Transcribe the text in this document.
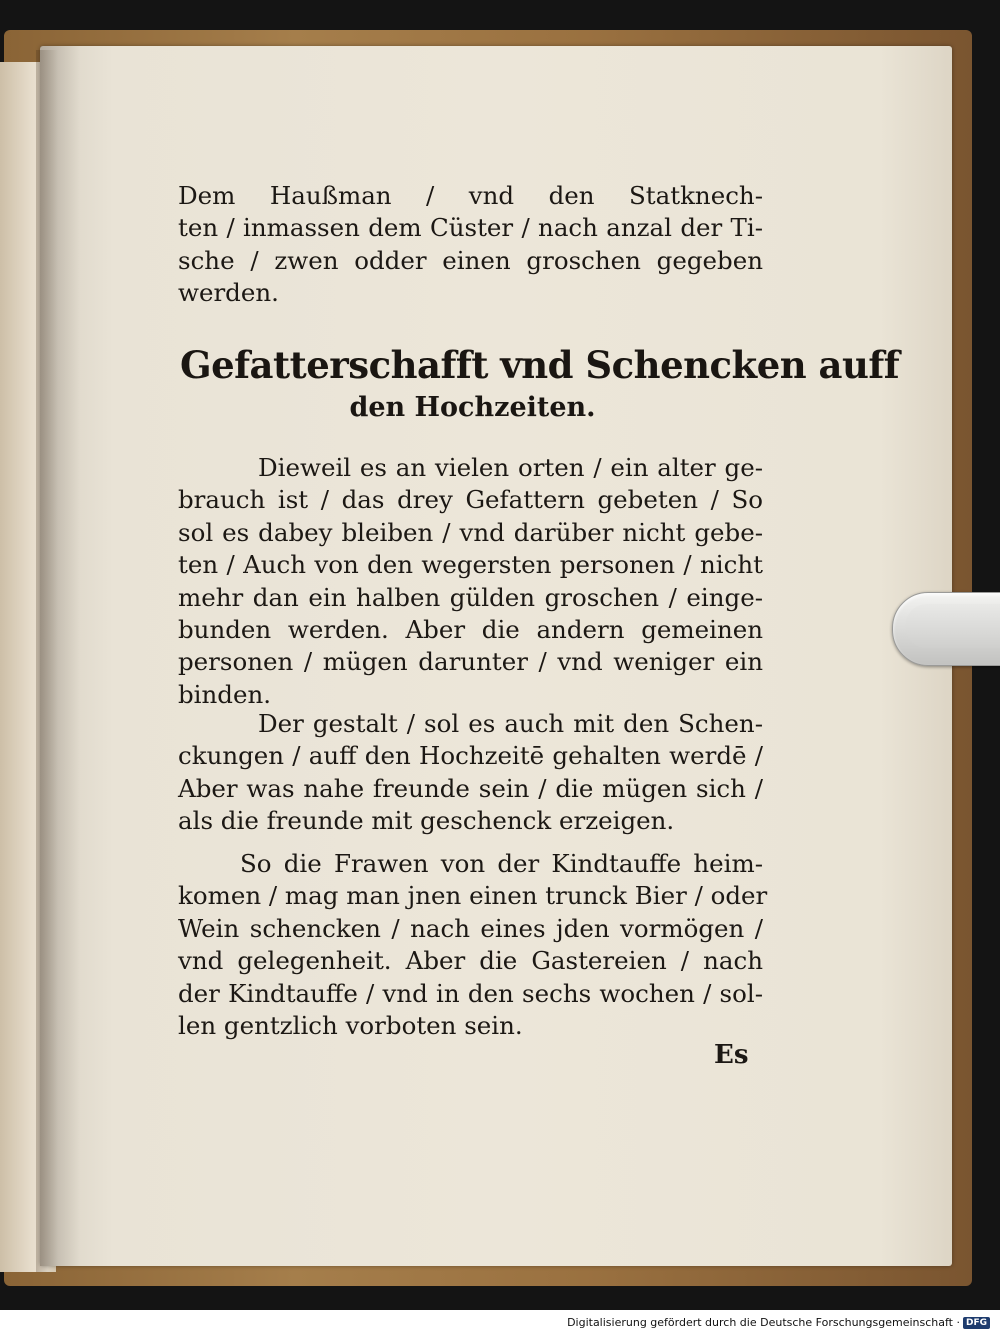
Dem Haußman / vnd den Statknech-
ten / inmassen dem Cüster / nach anzal der Ti-
sche / zwen odder einen groschen gegeben
werden.
Gefatterschafft vnd Schencken auff
den Hochzeiten.
Dieweil es an vielen orten / ein alter ge-
brauch ist / das drey Gefattern gebeten / So
sol es dabey bleiben / vnd darüber nicht gebe-
ten / Auch von den wegersten personen / nicht
mehr dan ein halben gülden groschen / einge-
bunden werden. Aber die andern gemeinen
personen / mügen darunter / vnd weniger ein
binden.
Der gestalt / sol es auch mit den Schen-
ckungen / auff den Hochzeitē gehalten werdē /
Aber was nahe freunde sein / die mügen sich /
als die freunde mit geschenck erzeigen.
So die Frawen von der Kindtauffe heim-
komen / mag man jnen einen trunck Bier / oder
Wein schencken / nach eines jden vormögen /
vnd gelegenheit. Aber die Gastereien / nach
der Kindtauffe / vnd in den sechs wochen / sol-
len gentzlich vorboten sein.
Es
Digitalisierung gefördert durch die Deutsche Forschungsgemeinschaft · DFG
